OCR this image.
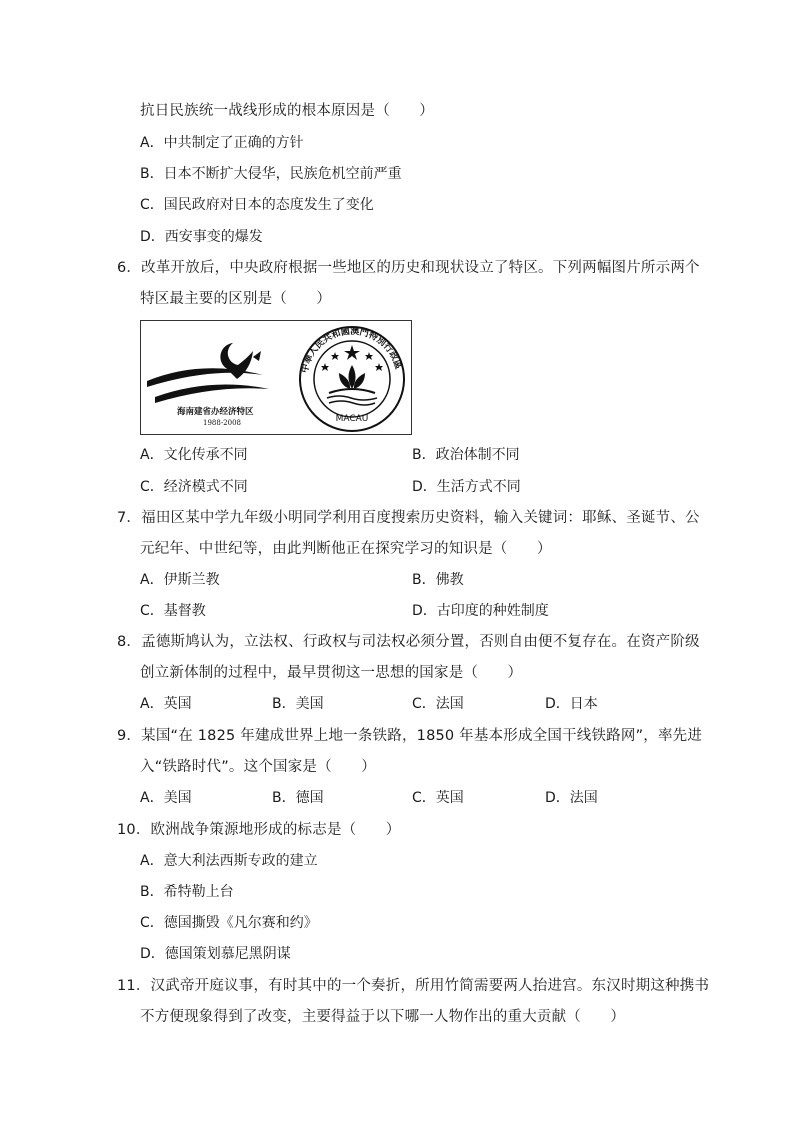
抗日民族统一战线形成的根本原因是（　　）
A．中共制定了正确的方针
B．日本不断扩大侵华，民族危机空前严重
C．国民政府对日本的态度发生了变化
D．西安事变的爆发
6．改革开放后，中央政府根据一些地区的历史和现状设立了特区。下列两幅图片所示两个
特区最主要的区别是（　　）
海南建省办经济特区
1988-2008
中華人民共和國澳門特別行政區
MACAU
A．文化传承不同	B．政治体制不同
C．经济模式不同	D．生活方式不同
7．福田区某中学九年级小明同学利用百度搜索历史资料，输入关键词：耶稣、圣诞节、公
元纪年、中世纪等，由此判断他正在探究学习的知识是（　　）
A．伊斯兰教	B．佛教
C．基督教	D．古印度的种姓制度
8．孟德斯鸠认为，立法权、行政权与司法权必须分置，否则自由便不复存在。在资产阶级
创立新体制的过程中，最早贯彻这一思想的国家是（　　）
A．英国	B．美国	C．法国	D．日本
9．某国“在 1825 年建成世界上地一条铁路，1850 年基本形成全国干线铁路网”，率先进
入“铁路时代”。这个国家是（　　）
A．美国	B．德国	C．英国	D．法国
10．欧洲战争策源地形成的标志是（　　）
A．意大利法西斯专政的建立
B．希特勒上台
C．德国撕毁《凡尔赛和约》
D．德国策划慕尼黑阴谋
11．汉武帝开庭议事，有时其中的一个奏折，所用竹简需要两人抬进宫。东汉时期这种携书
不方便现象得到了改变，主要得益于以下哪一人物作出的重大贡献（　　）
